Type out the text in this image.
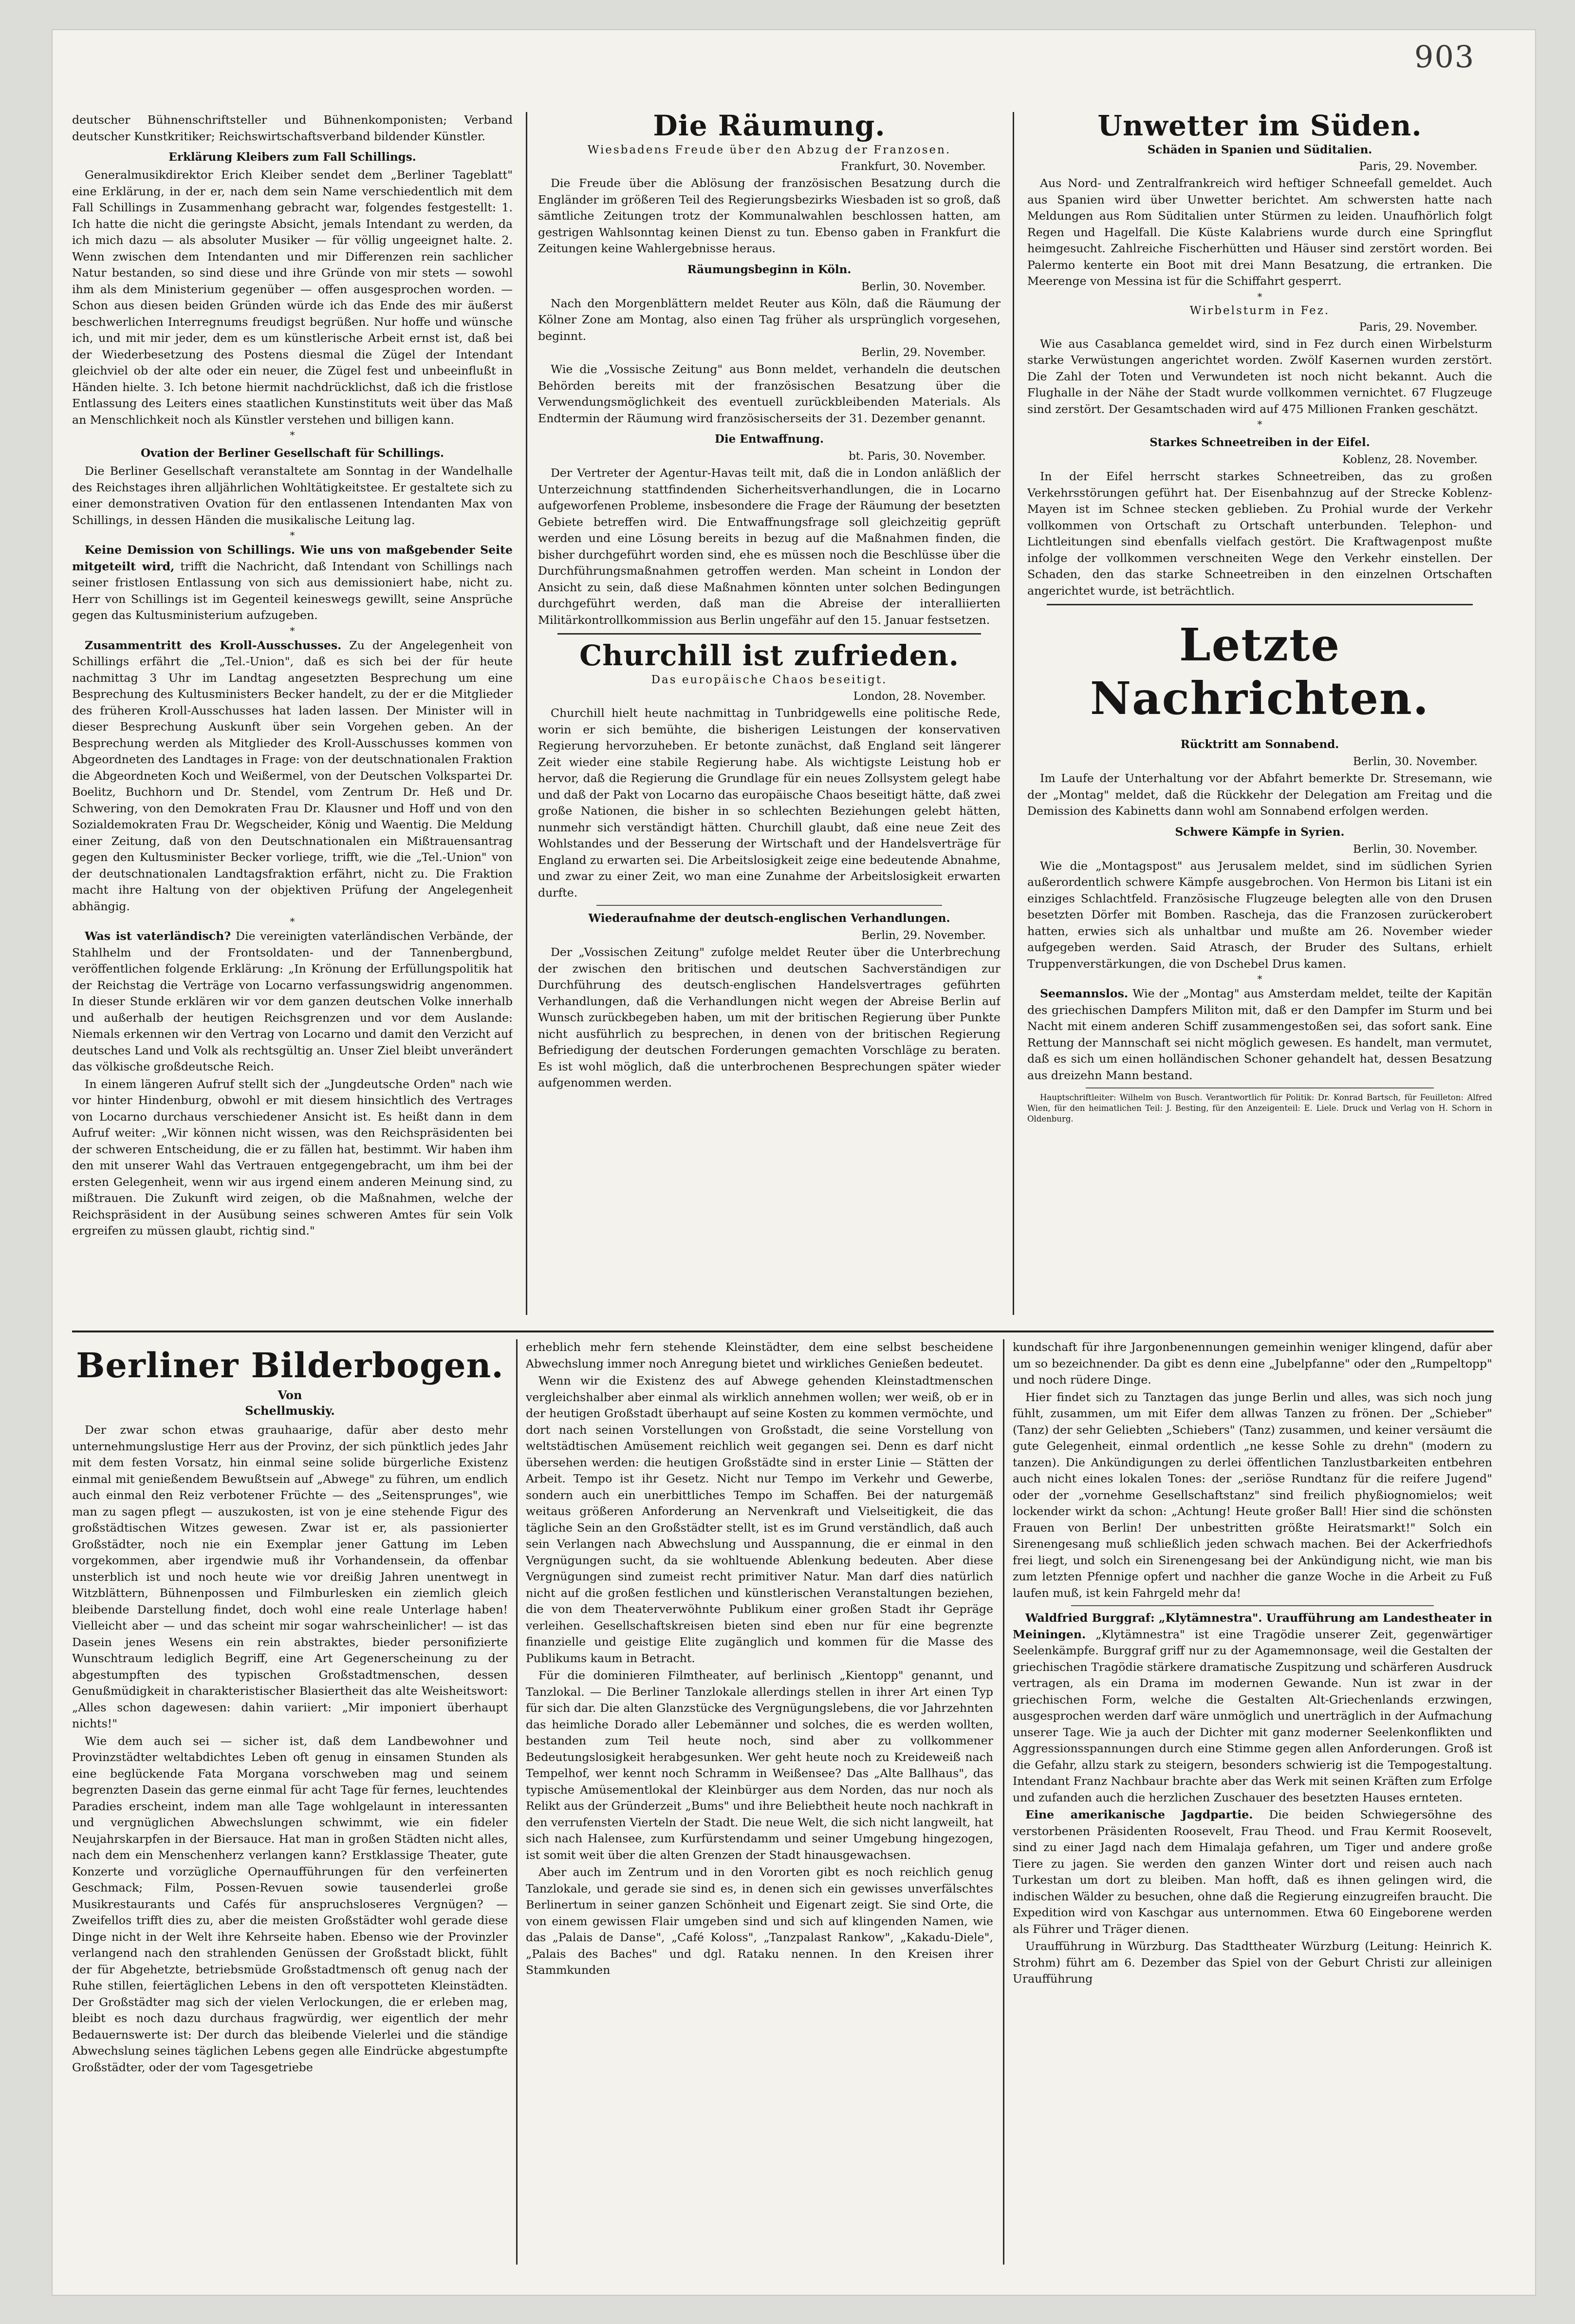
903

deutscher Bühnenschriftsteller und Bühnenkomponisten; Verband deutscher Kunstkritiker; Reichswirtschaftsverband bildender Künstler.

Erklärung Kleibers zum Fall Schillings.

Generalmusikdirektor Erich Kleiber sendet dem „Berliner Tageblatt" eine Erklärung, in der er, nach dem sein Name verschiedentlich mit dem Fall Schillings in Zusammenhang gebracht war, folgendes festgestellt: 1. Ich hatte die nicht die geringste Absicht, jemals Intendant zu werden, da ich mich dazu — als absoluter Musiker — für völlig ungeeignet halte. 2. Wenn zwischen dem Intendanten und mir Differenzen rein sachlicher Natur bestanden, so sind diese und ihre Gründe von mir stets — sowohl ihm als dem Ministerium gegenüber — offen ausgesprochen worden. — Schon aus diesen beiden Gründen würde ich das Ende des mir äußerst beschwerlichen Interregnums freudigst begrüßen. Nur hoffe und wünsche ich, und mit mir jeder, dem es um künstlerische Arbeit ernst ist, daß bei der Wiederbesetzung des Postens diesmal die Zügel der Intendant gleichviel ob der alte oder ein neuer, die Zügel fest und unbeeinflußt in Händen hielte. 3. Ich betone hiermit nachdrücklichst, daß ich die fristlose Entlassung des Leiters eines staatlichen Kunstinstituts weit über das Maß an Menschlichkeit noch als Künstler verstehen und billigen kann.

*
Ovation der Berliner Gesellschaft für Schillings.

Die Berliner Gesellschaft veranstaltete am Sonntag in der Wandelhalle des Reichstages ihren alljährlichen Wohltätigkeitstee. Er gestaltete sich zu einer demonstrativen Ovation für den entlassenen Intendanten Max von Schillings, in dessen Händen die musikalische Leitung lag.

*

Keine Demission von Schillings. Wie uns von maßgebender Seite mitgeteilt wird, trifft die Nachricht, daß Intendant von Schillings nach seiner fristlosen Entlassung von sich aus demissioniert habe, nicht zu. Herr von Schillings ist im Gegenteil keineswegs gewillt, seine Ansprüche gegen das Kultusministerium aufzugeben.

*

Zusammentritt des Kroll-Ausschusses. Zu der Angelegenheit von Schillings erfährt die „Tel.-Union", daß es sich bei der für heute nachmittag 3 Uhr im Landtag angesetzten Besprechung um eine Besprechung des Kultusministers Becker handelt, zu der er die Mitglieder des früheren Kroll-Ausschusses hat laden lassen. Der Minister will in dieser Besprechung Auskunft über sein Vorgehen geben. An der Besprechung werden als Mitglieder des Kroll-Ausschusses kommen von Abgeordneten des Landtages in Frage: von der deutschnationalen Fraktion die Abgeordneten Koch und Weißermel, von der Deutschen Volkspartei Dr. Boelitz, Buchhorn und Dr. Stendel, vom Zentrum Dr. Heß und Dr. Schwering, von den Demokraten Frau Dr. Klausner und Hoff und von den Sozialdemokraten Frau Dr. Wegscheider, König und Waentig. Die Meldung einer Zeitung, daß von den Deutschnationalen ein Mißtrauensantrag gegen den Kultusminister Becker vorliege, trifft, wie die „Tel.-Union" von der deutschnationalen Landtagsfraktion erfährt, nicht zu. Die Fraktion macht ihre Haltung von der objektiven Prüfung der Angelegenheit abhängig.

*

Was ist vaterländisch? Die vereinigten vaterländischen Verbände, der Stahlhelm und der Frontsoldaten- und der Tannenbergbund, veröffentlichen folgende Erklärung: „In Krönung der Erfüllungspolitik hat der Reichstag die Verträge von Locarno verfassungswidrig angenommen. In dieser Stunde erklären wir vor dem ganzen deutschen Volke innerhalb und außerhalb der heutigen Reichsgrenzen und vor dem Auslande: Niemals erkennen wir den Vertrag von Locarno und damit den Verzicht auf deutsches Land und Volk als rechtsgültig an. Unser Ziel bleibt unverändert das völkische großdeutsche Reich.

In einem längeren Aufruf stellt sich der „Jungdeutsche Orden" nach wie vor hinter Hindenburg, obwohl er mit diesem hinsichtlich des Vertrages von Locarno durchaus verschiedener Ansicht ist. Es heißt dann in dem Aufruf weiter: „Wir können nicht wissen, was den Reichspräsidenten bei der schweren Entscheidung, die er zu fällen hat, bestimmt. Wir haben ihm den mit unserer Wahl das Vertrauen entgegengebracht, um ihm bei der ersten Gelegenheit, wenn wir aus irgend einem anderen Meinung sind, zu mißtrauen. Die Zukunft wird zeigen, ob die Maßnahmen, welche der Reichspräsident in der Ausübung seines schweren Amtes für sein Volk ergreifen zu müssen glaubt, richtig sind."

Die Räumung.
Wiesbadens Freude über den Abzug der Franzosen.
Frankfurt, 30. November.

Die Freude über die Ablösung der französischen Besatzung durch die Engländer im größeren Teil des Regierungsbezirks Wiesbaden ist so groß, daß sämtliche Zeitungen trotz der Kommunalwahlen beschlossen hatten, am gestrigen Wahlsonntag keinen Dienst zu tun. Ebenso gaben in Frankfurt die Zeitungen keine Wahlergebnisse heraus.

Räumungsbeginn in Köln.
Berlin, 30. November.

Nach den Morgenblättern meldet Reuter aus Köln, daß die Räumung der Kölner Zone am Montag, also einen Tag früher als ursprünglich vorgesehen, beginnt.

Berlin, 29. November.

Wie die „Vossische Zeitung" aus Bonn meldet, verhandeln die deutschen Behörden bereits mit der französischen Besatzung über die Verwendungsmöglichkeit des eventuell zurückbleibenden Materials. Als Endtermin der Räumung wird französischerseits der 31. Dezember genannt.

Die Entwaffnung.
bt. Paris, 30. November.

Der Vertreter der Agentur-Havas teilt mit, daß die in London anläßlich der Unterzeichnung stattfindenden Sicherheitsverhandlungen, die in Locarno aufgeworfenen Probleme, insbesondere die Frage der Räumung der besetzten Gebiete betreffen wird. Die Entwaffnungsfrage soll gleichzeitig geprüft werden und eine Lösung bereits in bezug auf die Maßnahmen finden, die bisher durchgeführt worden sind, ehe es müssen noch die Beschlüsse über die Durchführungsmaßnahmen getroffen werden. Man scheint in London der Ansicht zu sein, daß diese Maßnahmen könnten unter solchen Bedingungen durchgeführt werden, daß man die Abreise der interalliierten Militärkontrollkommission aus Berlin ungefähr auf den 15. Januar festsetzen.

Churchill ist zufrieden.
Das europäische Chaos beseitigt.
London, 28. November.

Churchill hielt heute nachmittag in Tunbridgewells eine politische Rede, worin er sich bemühte, die bisherigen Leistungen der konservativen Regierung hervorzuheben. Er betonte zunächst, daß England seit längerer Zeit wieder eine stabile Regierung habe. Als wichtigste Leistung hob er hervor, daß die Regierung die Grundlage für ein neues Zollsystem gelegt habe und daß der Pakt von Locarno das europäische Chaos beseitigt hätte, daß zwei große Nationen, die bisher in so schlechten Beziehungen gelebt hätten, nunmehr sich verständigt hätten. Churchill glaubt, daß eine neue Zeit des Wohlstandes und der Besserung der Wirtschaft und der Handelsverträge für England zu erwarten sei. Die Arbeitslosigkeit zeige eine bedeutende Abnahme, und zwar zu einer Zeit, wo man eine Zunahme der Arbeitslosigkeit erwarten durfte.

Wiederaufnahme der deutsch-englischen Verhandlungen.
Berlin, 29. November.

Der „Vossischen Zeitung" zufolge meldet Reuter über die Unterbrechung der zwischen den britischen und deutschen Sachverständigen zur Durchführung des deutsch-englischen Handelsvertrages geführten Verhandlungen, daß die Verhandlungen nicht wegen der Abreise Berlin auf Wunsch zurückbegeben haben, um mit der britischen Regierung über Punkte nicht ausführlich zu besprechen, in denen von der britischen Regierung Befriedigung der deutschen Forderungen gemachten Vorschläge zu beraten. Es ist wohl möglich, daß die unterbrochenen Besprechungen später wieder aufgenommen werden.

Unwetter im Süden.
Schäden in Spanien und Süditalien.
Paris, 29. November.

Aus Nord- und Zentralfrankreich wird heftiger Schneefall gemeldet. Auch aus Spanien wird über Unwetter berichtet. Am schwersten hatte nach Meldungen aus Rom Süditalien unter Stürmen zu leiden. Unaufhörlich folgt Regen und Hagelfall. Die Küste Kalabriens wurde durch eine Springflut heimgesucht. Zahlreiche Fischerhütten und Häuser sind zerstört worden. Bei Palermo kenterte ein Boot mit drei Mann Besatzung, die ertranken. Die Meerenge von Messina ist für die Schiffahrt gesperrt.

*
Wirbelsturm in Fez.
Paris, 29. November.

Wie aus Casablanca gemeldet wird, sind in Fez durch einen Wirbelsturm starke Verwüstungen angerichtet worden. Zwölf Kasernen wurden zerstört. Die Zahl der Toten und Verwundeten ist noch nicht bekannt. Auch die Flughalle in der Nähe der Stadt wurde vollkommen vernichtet. 67 Flugzeuge sind zerstört. Der Gesamtschaden wird auf 475 Millionen Franken geschätzt.

*
Starkes Schneetreiben in der Eifel.
Koblenz, 28. November.

In der Eifel herrscht starkes Schneetreiben, das zu großen Verkehrsstörungen geführt hat. Der Eisenbahnzug auf der Strecke Koblenz-Mayen ist im Schnee stecken geblieben. Zu Prohial wurde der Verkehr vollkommen von Ortschaft zu Ortschaft unterbunden. Telephon- und Lichtleitungen sind ebenfalls vielfach gestört. Die Kraftwagenpost mußte infolge der vollkommen verschneiten Wege den Verkehr einstellen. Der Schaden, den das starke Schneetreiben in den einzelnen Ortschaften angerichtet wurde, ist beträchtlich.

Letzte Nachrichten.
Rücktritt am Sonnabend.
Berlin, 30. November.

Im Laufe der Unterhaltung vor der Abfahrt bemerkte Dr. Stresemann, wie der „Montag" meldet, daß die Rückkehr der Delegation am Freitag und die Demission des Kabinetts dann wohl am Sonnabend erfolgen werden.

Schwere Kämpfe in Syrien.
Berlin, 30. November.

Wie die „Montagspost" aus Jerusalem meldet, sind im südlichen Syrien außerordentlich schwere Kämpfe ausgebrochen. Von Hermon bis Litani ist ein einziges Schlachtfeld. Französische Flugzeuge belegten alle von den Drusen besetzten Dörfer mit Bomben. Rascheja, das die Franzosen zurückerobert hatten, erwies sich als unhaltbar und mußte am 26. November wieder aufgegeben werden. Said Atrasch, der Bruder des Sultans, erhielt Truppenverstärkungen, die von Dschebel Drus kamen.

*

Seemannslos. Wie der „Montag" aus Amsterdam meldet, teilte der Kapitän des griechischen Dampfers Militon mit, daß er den Dampfer im Sturm und bei Nacht mit einem anderen Schiff zusammengestoßen sei, das sofort sank. Eine Rettung der Mannschaft sei nicht möglich gewesen. Es handelt, man vermutet, daß es sich um einen holländischen Schoner gehandelt hat, dessen Besatzung aus dreizehn Mann bestand.

Hauptschriftleiter: Wilhelm von Busch. Verantwortlich für Politik: Dr. Konrad Bartsch, für Feuilleton: Alfred Wien, für den heimatlichen Teil: J. Besting, für den Anzeigenteil: E. Liele. Druck und Verlag von H. Schorn in Oldenburg.

Berliner Bilderbogen.
Von
Schellmuskiy.

Der zwar schon etwas grauhaarige, dafür aber desto mehr unternehmungslustige Herr aus der Provinz, der sich pünktlich jedes Jahr mit dem festen Vorsatz, hin einmal seine solide bürgerliche Existenz einmal mit genießendem Bewußtsein auf „Abwege" zu führen, um endlich auch einmal den Reiz verbotener Früchte — des „Seitensprunges", wie man zu sagen pflegt — auszukosten, ist von je eine stehende Figur des großstädtischen Witzes gewesen. Zwar ist er, als passionierter Großstädter, noch nie ein Exemplar jener Gattung im Leben vorgekommen, aber irgendwie muß ihr Vorhandensein, da offenbar unsterblich ist und noch heute wie vor dreißig Jahren unentwegt in Witzblättern, Bühnenpossen und Filmburlesken ein ziemlich gleich bleibende Darstellung findet, doch wohl eine reale Unterlage haben! Vielleicht aber — und das scheint mir sogar wahrscheinlicher! — ist das Dasein jenes Wesens ein rein abstraktes, bieder personifizierte Wunschtraum lediglich Begriff, eine Art Gegenerscheinung zu der abgestumpften des typischen Großstadtmenschen, dessen Genußmüdigkeit in charakteristischer Blasiertheit das alte Weisheitswort: „Alles schon dagewesen: dahin variiert: „Mir imponiert überhaupt nichts!"

Wie dem auch sei — sicher ist, daß dem Landbewohner und Provinzstädter weltabdichtes Leben oft genug in einsamen Stunden als eine beglückende Fata Morgana vorschweben mag und seinem begrenzten Dasein das gerne einmal für acht Tage für fernes, leuchtendes Paradies erscheint, indem man alle Tage wohlgelaunt in interessanten und vergnüglichen Abwechslungen schwimmt, wie ein fideler Neujahrskarpfen in der Biersauce. Hat man in großen Städten nicht alles, nach dem ein Menschenherz verlangen kann? Erstklassige Theater, gute Konzerte und vorzügliche Opernaufführungen für den verfeinerten Geschmack; Film, Possen-Revuen sowie tausenderlei große Musikrestaurants und Cafés für anspruchsloseres Vergnügen? — Zweifellos trifft dies zu, aber die meisten Großstädter wohl gerade diese Dinge nicht in der Welt ihre Kehrseite haben. Ebenso wie der Provinzler verlangend nach den strahlenden Genüssen der Großstadt blickt, fühlt der für Abgehetzte, betriebsmüde Großstadtmensch oft genug nach der Ruhe stillen, feiertäglichen Lebens in den oft verspotteten Kleinstädten. Der Großstädter mag sich der vielen Verlockungen, die er erleben mag, bleibt es noch dazu durchaus fragwürdig, wer eigentlich der mehr Bedauernswerte ist: Der durch das bleibende Vielerlei und die ständige Abwechslung seines täglichen Lebens gegen alle Eindrücke abgestumpfte Großstädter, oder der vom Tagesgetriebe

erheblich mehr fern stehende Kleinstädter, dem eine selbst bescheidene Abwechslung immer noch Anregung bietet und wirkliches Genießen bedeutet.

Wenn wir die Existenz des auf Abwege gehenden Kleinstadtmenschen vergleichshalber aber einmal als wirklich annehmen wollen; wer weiß, ob er in der heutigen Großstadt überhaupt auf seine Kosten zu kommen vermöchte, und dort nach seinen Vorstellungen von Großstadt, die seine Vorstellung von weltstädtischen Amüsement reichlich weit gegangen sei. Denn es darf nicht übersehen werden: die heutigen Großstädte sind in erster Linie — Stätten der Arbeit. Tempo ist ihr Gesetz. Nicht nur Tempo im Verkehr und Gewerbe, sondern auch ein unerbittliches Tempo im Schaffen. Bei der naturgemäß weitaus größeren Anforderung an Nervenkraft und Vielseitigkeit, die das tägliche Sein an den Großstädter stellt, ist es im Grund verständlich, daß auch sein Verlangen nach Abwechslung und Ausspannung, die er einmal in den Vergnügungen sucht, da sie wohltuende Ablenkung bedeuten. Aber diese Vergnügungen sind zumeist recht primitiver Natur. Man darf dies natürlich nicht auf die großen festlichen und künstlerischen Veranstaltungen beziehen, die von dem Theaterverwöhnte Publikum einer großen Stadt ihr Gepräge verleihen. Gesellschaftskreisen bieten sind eben nur für eine begrenzte finanzielle und geistige Elite zugänglich und kommen für die Masse des Publikums kaum in Betracht.

Für die dominieren Filmtheater, auf berlinisch „Kientopp" genannt, und Tanzlokal. — Die Berliner Tanzlokale allerdings stellen in ihrer Art einen Typ für sich dar. Die alten Glanzstücke des Vergnügungslebens, die vor Jahrzehnten das heimliche Dorado aller Lebemänner und solches, die es werden wollten, bestanden zum Teil heute noch, sind aber zu vollkommener Bedeutungslosigkeit herabgesunken. Wer geht heute noch zu Kreideweiß nach Tempelhof, wer kennt noch Schramm in Weißensee? Das „Alte Ballhaus", das typische Amüsementlokal der Kleinbürger aus dem Norden, das nur noch als Relikt aus der Gründerzeit „Bums" und ihre Beliebtheit heute noch nachkraft in den verrufensten Vierteln der Stadt. Die neue Welt, die sich nicht langweilt, hat sich nach Halensee, zum Kurfürstendamm und seiner Umgebung hingezogen, ist somit weit über die alten Grenzen der Stadt hinausgewachsen.

Aber auch im Zentrum und in den Vororten gibt es noch reichlich genug Tanzlokale, und gerade sie sind es, in denen sich ein gewisses unverfälschtes Berlinertum in seiner ganzen Schönheit und Eigenart zeigt. Sie sind Orte, die von einem gewissen Flair umgeben sind und sich auf klingenden Namen, wie das „Palais de Danse", „Café Koloss", „Tanzpalast Rankow", „Kakadu-Diele", „Palais des Baches" und dgl. Rataku nennen. In den Kreisen ihrer Stammkunden

kundschaft für ihre Jargonbenennungen gemeinhin weniger klingend, dafür aber um so bezeichnender. Da gibt es denn eine „Jubelpfanne" oder den „Rumpeltopp" und noch rüdere Dinge.

Hier findet sich zu Tanztagen das junge Berlin und alles, was sich noch jung fühlt, zusammen, um mit Eifer dem allwas Tanzen zu frönen. Der „Schieber" (Tanz) der sehr Geliebten „Schiebers" (Tanz) zusammen, und keiner versäumt die gute Gelegenheit, einmal ordentlich „ne kesse Sohle zu drehn" (modern zu tanzen). Die Ankündigungen zu derlei öffentlichen Tanzlustbarkeiten entbehren auch nicht eines lokalen Tones: der „seriöse Rundtanz für die reifere Jugend" oder der „vornehme Gesellschaftstanz" sind freilich phyßiognomielos; weit lockender wirkt da schon: „Achtung! Heute großer Ball! Hier sind die schönsten Frauen von Berlin! Der unbestritten größte Heiratsmarkt!" Solch ein Sirenengesang muß schließlich jeden schwach machen. Bei der Ackerfriedhofs frei liegt, und solch ein Sirenengesang bei der Ankündigung nicht, wie man bis zum letzten Pfennige opfert und nachher die ganze Woche in die Arbeit zu Fuß laufen muß, ist kein Fahrgeld mehr da!

Waldfried Burggraf: „Klytämnestra". Uraufführung am Landestheater in Meiningen. „Klytämnestra" ist eine Tragödie unserer Zeit, gegenwärtiger Seelenkämpfe. Burggraf griff nur zu der Agamemnonsage, weil die Gestalten der griechischen Tragödie stärkere dramatische Zuspitzung und schärferen Ausdruck vertragen, als ein Drama im modernen Gewande. Nun ist zwar in der griechischen Form, welche die Gestalten Alt-Griechenlands erzwingen, ausgesprochen werden darf wäre unmöglich und unerträglich in der Aufmachung unserer Tage. Wie ja auch der Dichter mit ganz moderner Seelenkonflikten und Aggressionsspannungen durch eine Stimme gegen allen Anforderungen. Groß ist die Gefahr, allzu stark zu steigern, besonders schwierig ist die Tempogestaltung. Intendant Franz Nachbaur brachte aber das Werk mit seinen Kräften zum Erfolge und zufanden auch die herzlichen Zuschauer des besetzten Hauses ernteten.

Eine amerikanische Jagdpartie. Die beiden Schwiegersöhne des verstorbenen Präsidenten Roosevelt, Frau Theod. und Frau Kermit Roosevelt, sind zu einer Jagd nach dem Himalaja gefahren, um Tiger und andere große Tiere zu jagen. Sie werden den ganzen Winter dort und reisen auch nach Turkestan um dort zu bleiben. Man hofft, daß es ihnen gelingen wird, die indischen Wälder zu besuchen, ohne daß die Regierung einzugreifen braucht. Die Expedition wird von Kaschgar aus unternommen. Etwa 60 Eingeborene werden als Führer und Träger dienen.

Uraufführung in Würzburg. Das Stadttheater Würzburg (Leitung: Heinrich K. Strohm) führt am 6. Dezember das Spiel von der Geburt Christi zur alleinigen Uraufführung
